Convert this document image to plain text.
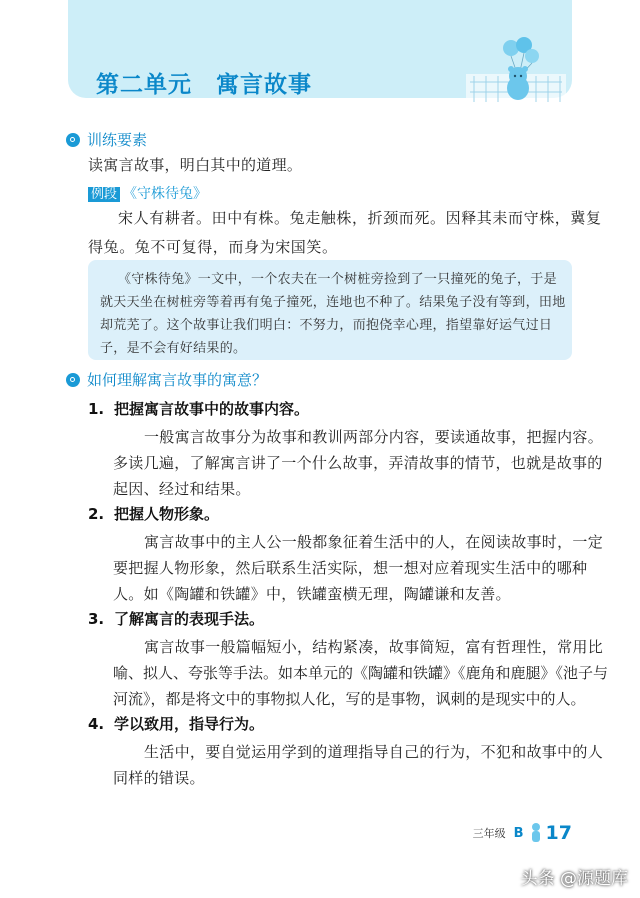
第二单元　 寓言故事
训练要素
读寓言故事，明白其中的道理。
例段 《守株待兔》
宋人有耕者。田中有株。兔走触株，折颈而死。因释其耒而守株，冀复
得兔。兔不可复得，而身为宋国笑。
《守株待兔》一文中，一个农夫在一个树桩旁捡到了一只撞死的兔子，于是
就天天坐在树桩旁等着再有兔子撞死，连地也不种了。结果兔子没有等到，田地
却荒芜了。这个故事让我们明白：不努力，而抱侥幸心理，指望靠好运气过日
子，是不会有好结果的。
如何理解寓言故事的寓意？
1. 把握寓言故事中的故事内容。
一般寓言故事分为故事和教训两部分内容，要读通故事，把握内容。
多读几遍，了解寓言讲了一个什么故事，弄清故事的情节，也就是故事的
起因、经过和结果。
2. 把握人物形象。
寓言故事中的主人公一般都象征着生活中的人，在阅读故事时，一定
要把握人物形象，然后联系生活实际，想一想对应着现实生活中的哪种
人。如《陶罐和铁罐》中，铁罐蛮横无理，陶罐谦和友善。
3. 了解寓言的表现手法。
寓言故事一般篇幅短小，结构紧凑，故事简短，富有哲理性，常用比
喻、拟人、夸张等手法。如本单元的《陶罐和铁罐》《鹿角和鹿腿》《池子与
河流》，都是将文中的事物拟人化，写的是事物，讽刺的是现实中的人。
4. 学以致用，指导行为。
生活中，要自觉运用学到的道理指导自己的行为，不犯和故事中的人
同样的错误。
三年级 B 17
头条 @源题库
